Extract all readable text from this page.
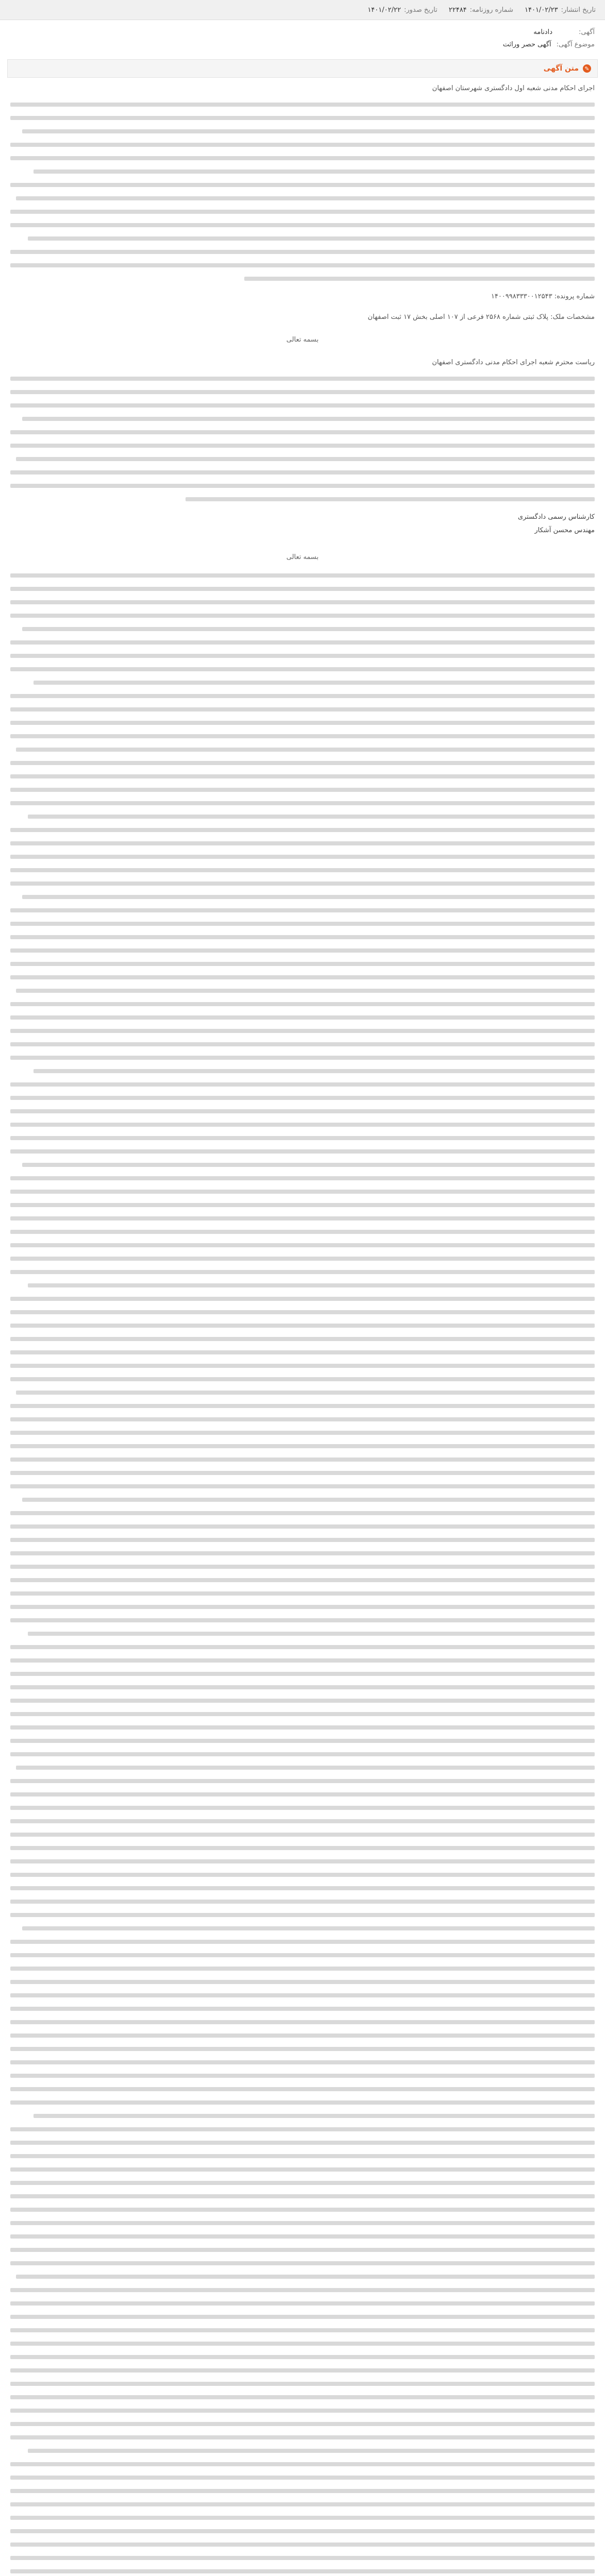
تاریخ انتشار:۱۴۰۱/۰۲/۲۳
شماره روزنامه:۲۲۴۸۴
تاریخ صدور:۱۴۰۱/۰۲/۲۲
آگهی:
دادنامه
موضوع آگهی:
آگهی حصر وراثت
✎
متن آگهی

اجرای احکام مدنی شعبه اول دادگستری شهرستان اصفهان

شماره پرونده: ۱۴۰۰۹۹۸۳۳۳۰۰۱۲۵۴۳

مشخصات ملک: پلاک ثبتی شماره ۲۵۶۸ فرعی از ۱۰۷ اصلی بخش ۱۷ ثبت اصفهان

بسمه تعالی

ریاست محترم شعبه اجرای احکام مدنی دادگستری اصفهان

کارشناس رسمی دادگستری
مهندس محسن آشکار
بسمه تعالی
